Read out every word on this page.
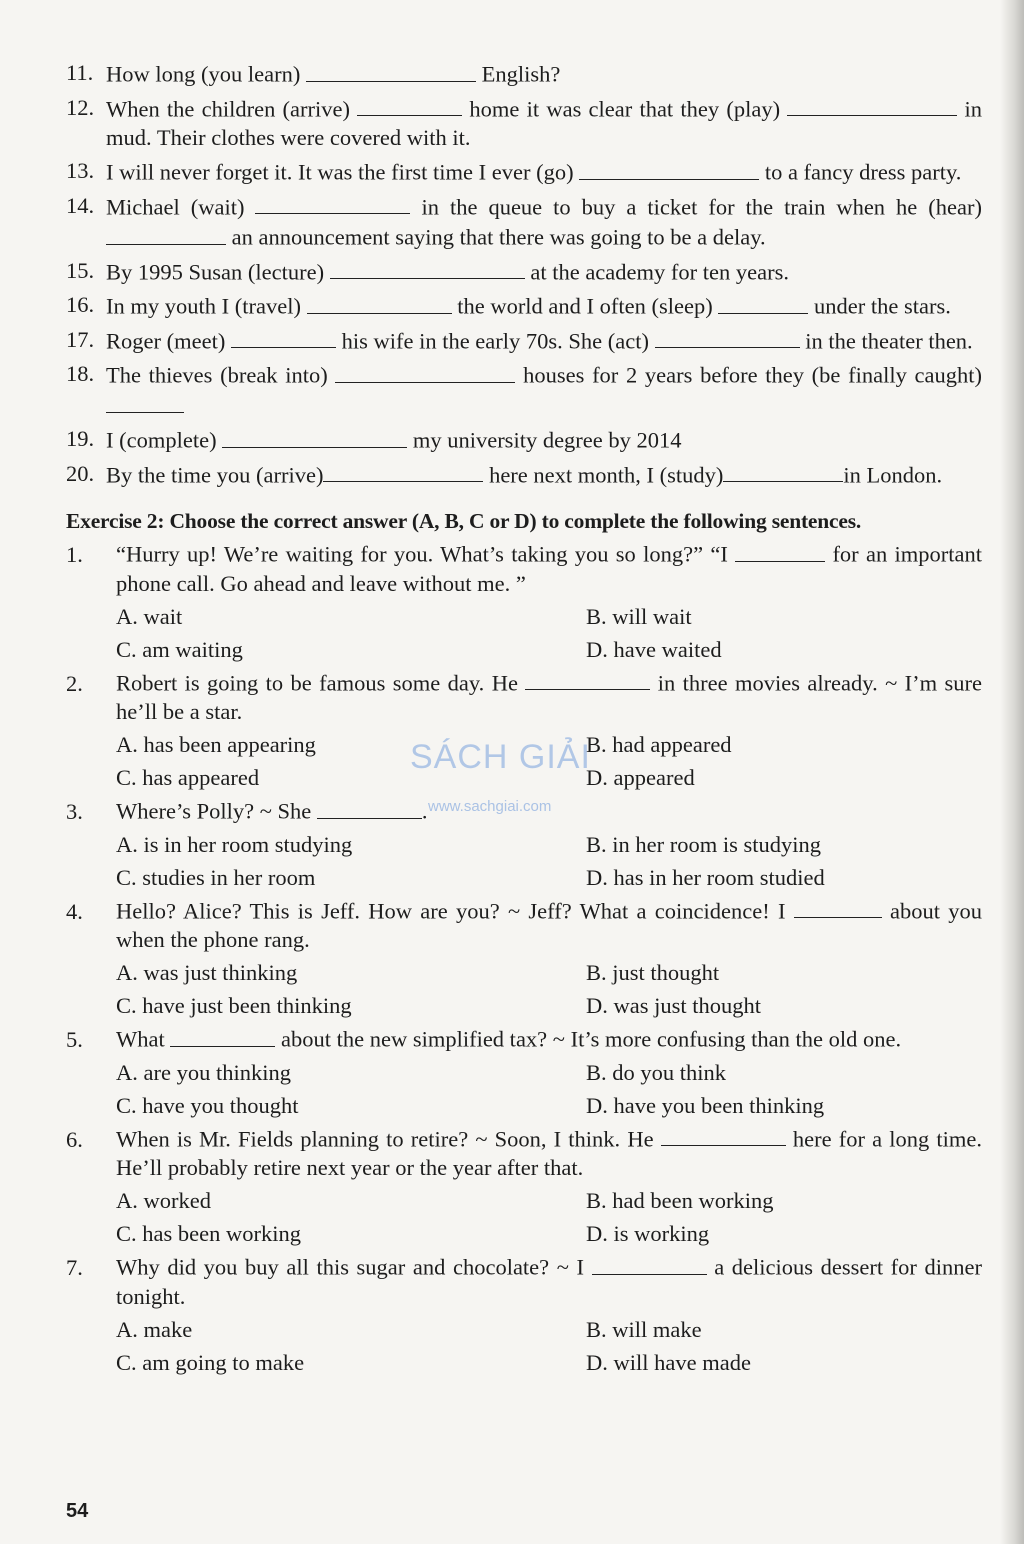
11. How long (you learn)	English?
12. When the children (arrive)	home it was clear that they (play)	in mud. Their clothes were covered with it.
13. I will never forget it. It was the first time I ever (go)	to a fancy dress party.
14. Michael (wait)	in the queue to buy a ticket for the train when he (hear)  an announcement saying that there was going to be a delay.
15. By 1995 Susan (lecture)	at the academy for ten years.
16. In my youth I (travel)	the world and I often (sleep)	under the stars.
17. Roger (meet)	his wife in the early 70s. She (act)	in the theater then.
18. The thieves (break into)	houses for 2 years before they (be finally caught)
19. I (complete)	my university degree by 2014
20. By the time you (arrive)	here next month, I (study)	in London.
Exercise 2: Choose the correct answer (A, B, C or D) to complete the following sentences.
1. “Hurry up! We’re waiting for you. What’s taking you so long?” “I	for an important phone call. Go ahead and leave without me. ”
A. wait	B. will wait
C. am waiting	D. have waited
2. Robert is going to be famous some day. He	in three movies already. ~ I’m sure he’ll be a star.
A. has been appearing	B. had appeared
C. has appeared	D. appeared
3. Where’s Polly? ~ She	.
A. is in her room studying	B. in her room is studying
C. studies in her room	D. has in her room studied
4. Hello? Alice? This is Jeff. How are you? ~ Jeff? What a coincidence! I	about you when the phone rang.
A. was just thinking	B. just thought
C. have just been thinking	D. was just thought
5. What	about the new simplified tax? ~ It’s more confusing than the old one.
A. are you thinking	B. do you think
C. have you thought	D. have you been thinking
6. When is Mr. Fields planning to retire? ~ Soon, I think. He	here for a long time. He’ll probably retire next year or the year after that.
A. worked	B. had been working
C. has been working	D. is working
7. Why did you buy all this sugar and chocolate? ~ I	a delicious dessert for dinner tonight.
A. make	B. will make
C. am going to make	D. will have made
SÁCH GIẢI
www.sachgiai.com
54
